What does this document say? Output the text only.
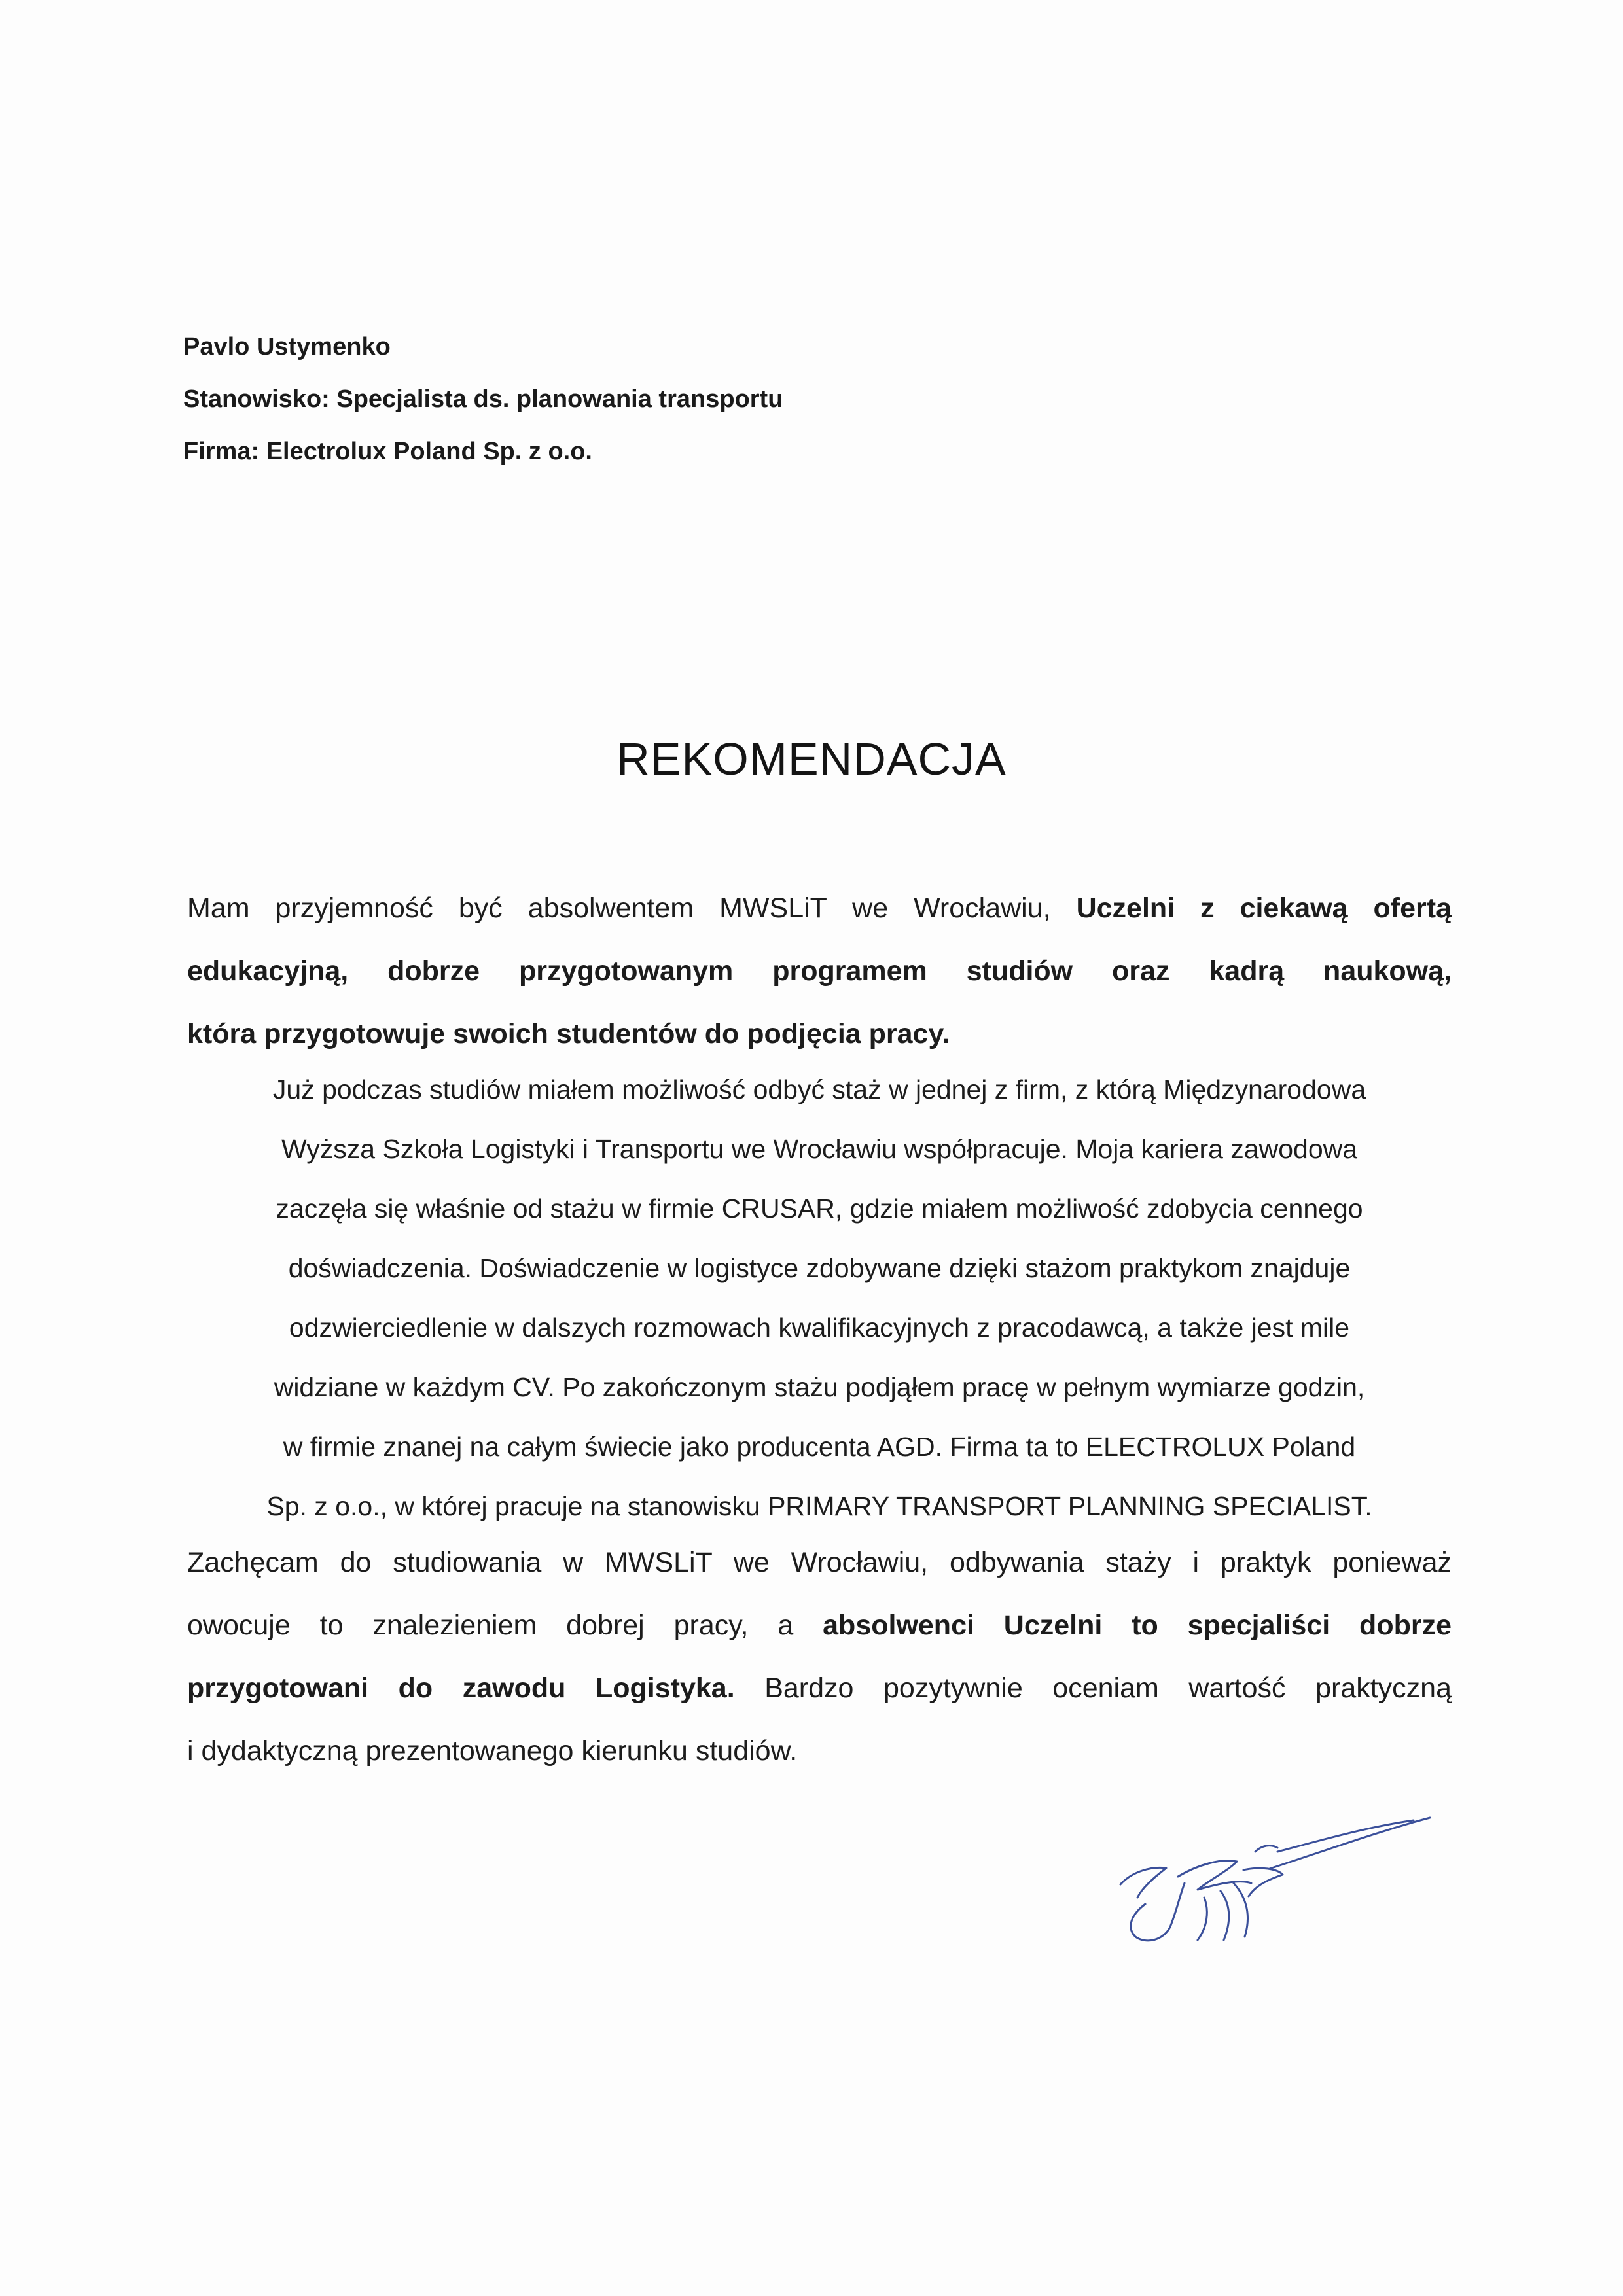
Pavlo Ustymenko
Stanowisko: Specjalista ds. planowania transportu
Firma: Electrolux Poland Sp. z o.o.
REKOMENDACJA
Mam przyjemność być absolwentem MWSLiT we Wrocławiu, Uczelni z ciekawą ofertą
edukacyjną, dobrze przygotowanym programem studiów oraz kadrą naukową,
która przygotowuje swoich studentów do podjęcia pracy.
Już podczas studiów miałem możliwość odbyć staż w jednej z firm, z którą Międzynarodowa
Wyższa Szkoła Logistyki i Transportu we Wrocławiu współpracuje. Moja kariera zawodowa
zaczęła się właśnie od stażu w firmie CRUSAR, gdzie miałem możliwość zdobycia cennego
doświadczenia. Doświadczenie w logistyce zdobywane dzięki stażom praktykom znajduje
odzwierciedlenie w dalszych rozmowach kwalifikacyjnych z pracodawcą, a także jest mile
widziane w każdym CV. Po zakończonym stażu podjąłem pracę w pełnym wymiarze godzin,
w firmie znanej na całym świecie jako producenta AGD. Firma ta to ELECTROLUX Poland
Sp. z o.o., w której pracuje na stanowisku PRIMARY TRANSPORT PLANNING SPECIALIST.
Zachęcam do studiowania w MWSLiT we Wrocławiu, odbywania staży i praktyk ponieważ
owocuje to znalezieniem dobrej pracy, a absolwenci Uczelni to specjaliści dobrze
przygotowani do zawodu Logistyka. Bardzo pozytywnie oceniam wartość praktyczną
i dydaktyczną prezentowanego kierunku studiów.
